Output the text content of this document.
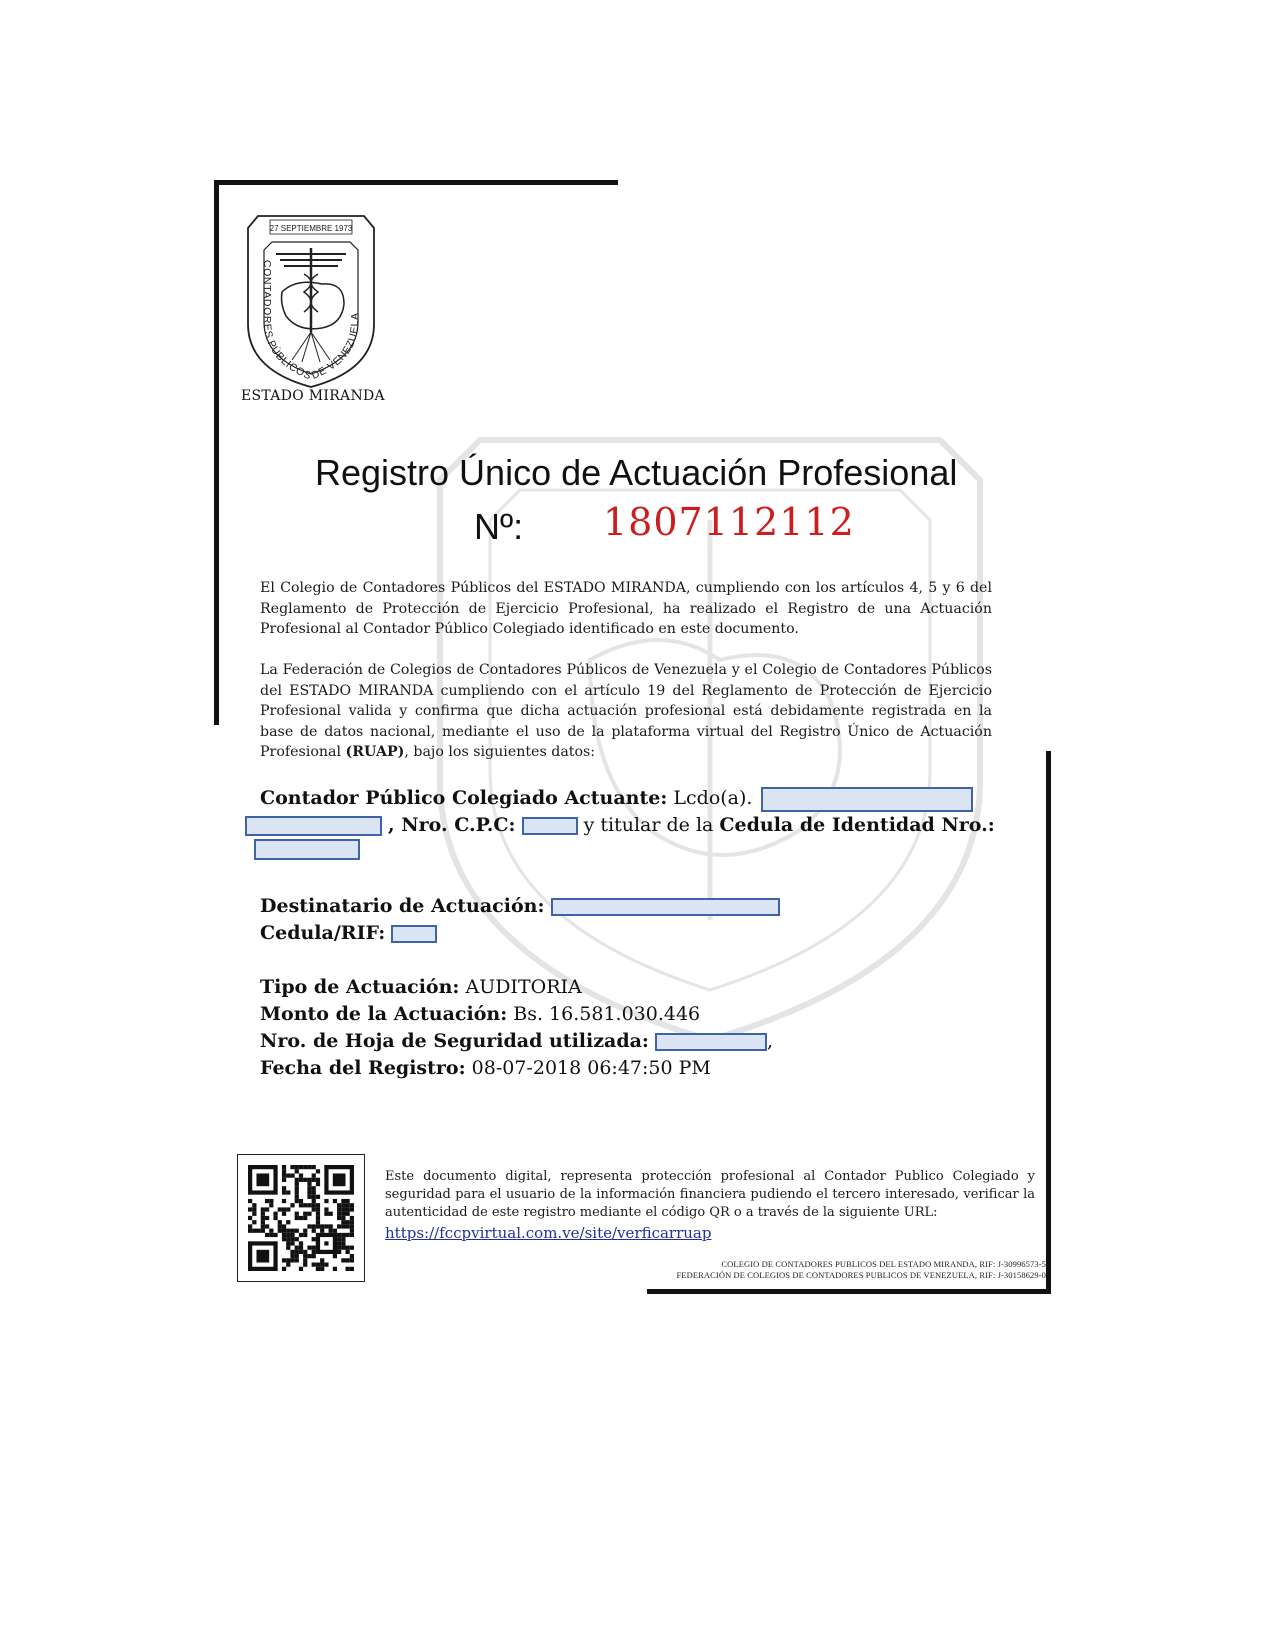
27 SEPTIEMBRE 1973
CONTADORES PÚBLICOS DE VENEZUELA
ESTADO MIRANDA
Registro Único de Actuación Profesional
Nº: 1807112112
El Colegio de Contadores Públicos del ESTADO MIRANDA, cumpliendo con los artículos 4, 5 y 6 del Reglamento de Protección de Ejercicio Profesional, ha realizado el Registro de una Actuación Profesional al Contador Público Colegiado identificado en este documento.
La Federación de Colegios de Contadores Públicos de Venezuela y el Colegio de Contadores Públicos del ESTADO MIRANDA cumpliendo con el artículo 19 del Reglamento de Protección de Ejercicio Profesional valida y confirma que dicha actuación profesional está debidamente registrada en la base de datos nacional, mediante el uso de la plataforma virtual del Registro Único de Actuación Profesional (RUAP), bajo los siguientes datos:
Contador Público Colegiado Actuante: Lcdo(a).
, Nro. C.P.C:	y titular de la Cedula de Identidad Nro.:
Destinatario de Actuación:
Cedula/RIF:
Tipo de Actuación: AUDITORIA
Monto de la Actuación: Bs. 16.581.030.446
Nro. de Hoja de Seguridad utilizada:	,
Fecha del Registro: 08-07-2018 06:47:50 PM
Este documento digital, representa protección profesional al Contador Publico Colegiado y seguridad para el usuario de la información financiera pudiendo el tercero interesado, verificar la autenticidad de este registro mediante el código QR o a través de la siguiente URL:
https://fccpvirtual.com.ve/site/verficarruap
COLEGIO DE CONTADORES PUBLICOS DEL ESTADO MIRANDA, RIF: J-30996573-5
FEDERACIÓN DE COLEGIOS DE CONTADORES PUBLICOS DE VENEZUELA, RIF: J-30158629-0
